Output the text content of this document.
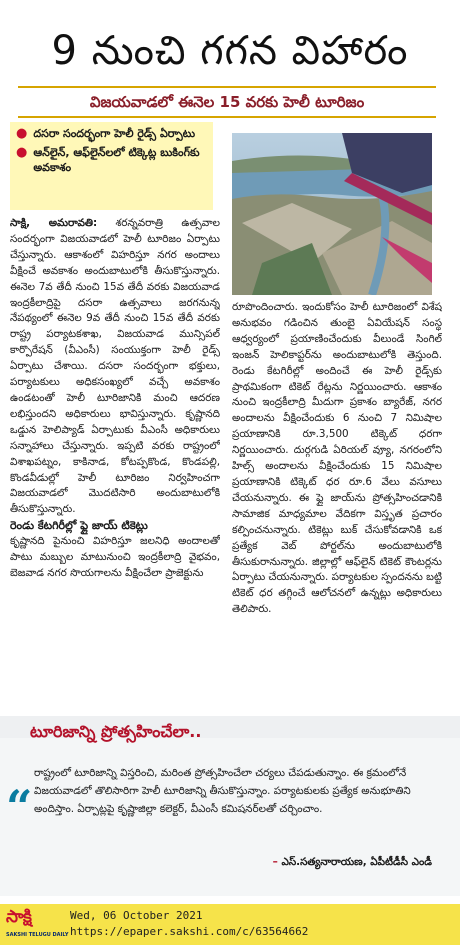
9 నుంచి గగన విహారం
విజయవాడలో ఈనెల 15 వరకు హెలీ టూరిజం
● దసరా సందర్భంగా హెలీ రైడ్స్ ఏర్పాటు
● ఆన్‌లైన్, ఆఫ్‌లైన్‌లలో టిక్కెట్ల బుకింగ్‌కు అవకాశం
సాక్షి, అమరావతి: శరన్నవరాత్రి ఉత్సవాల సందర్భంగా విజయవాడలో హెలీ టూరిజం ఏర్పాటు చేస్తున్నారు. ఆకాశంలో విహరిస్తూ నగర అందాలు వీక్షించే అవకాశం అందుబాటులోకి తీసుకొస్తున్నారు. ఈనెల 7వ తేదీ నుంచి 15వ తేదీ వరకు విజయవాడ ఇంద్రకీలాద్రిపై దసరా ఉత్సవాలు జరగనున్న నేపథ్యంలో ఈనెల 9వ తేదీ నుంచి 15వ తేదీ వరకు రాష్ట్ర పర్యాటకశాఖ, విజయవాడ మున్సిపల్ కార్పొరేషన్ (వీఎంసీ) సంయుక్తంగా హెలీ రైడ్స్ ఏర్పాటు చేశాయి. దసరా సందర్భంగా భక్తులు, పర్యాటకులు అధికసంఖ్యలో వచ్చే అవకాశం ఉండటంతో హెలీ టూరిజానికి మంచి ఆదరణ లభిస్తుందని అధికారులు భావిస్తున్నారు. కృష్ణానది ఒడ్డున హెలిప్యాడ్ ఏర్పాటుకు వీఎంసీ అధికారులు సన్నాహాలు చేస్తున్నారు. ఇప్పటి వరకు రాష్ట్రంలో విశాఖపట్నం, కాకినాడ, కోటప్పకొండ, కొండపల్లి, కొండవీడుల్లో హెలీ టూరిజం నిర్వహించగా విజయవాడలో మొదటిసారి అందుబాటులోకి తీసుకొస్తున్నారు.
రెండు కేటగిరీల్లో ఫ్లై జాయ్ టికెట్లు
కృష్ణానది పైనుంచి విహరిస్తూ జలనిధి అందాలతో పాటు మబ్బుల మాటునుంచి ఇంద్రకీలాద్రి వైభవం, బెజవాడ నగర సొయగాలను వీక్షించేలా ప్రాజెక్టును
రూపొందించారు. ఇందుకోసం హెలీ టూరిజంలో విశేష అనుభవం గడించిన తుంబై ఏవియేషన్ సంస్థ ఆధ్వర్యంలో ప్రయాణించేందుకు వీలుండే సింగిల్ ఇంజన్ హెలికాప్టర్‌ను అందుబాటులోకి తెస్తుంది. రెండు కేటగిరీల్లో అందించే ఈ హెలీ రైడ్స్‌కు ప్రాథమికంగా టికెట్ రేట్లను నిర్ణయించారు. ఆకాశం నుంచి ఇంద్రకీలాద్రి మీదుగా ప్రకాశం బ్యారేజ్, నగర అందాలను వీక్షించేందుకు 6 నుంచి 7 నిమిషాల ప్రయాణానికి రూ.3,500 టిక్కెట్ ధరగా నిర్ణయించారు. దుర్గగుడి ఏరియల్ వ్యూ, నగరంలోని హిల్స్ అందాలను వీక్షించేందుకు 15 నిమిషాల ప్రయాణానికి టిక్కెట్ ధర రూ.6 వేలు వసూలు చేయనున్నారు. ఈ ఫ్లై జాయ్‌ను ప్రోత్సహించడానికి సామాజిక మాధ్యమాల వేదికగా విస్తృత ప్రచారం కల్పించనున్నారు. టికెట్లు బుక్ చేసుకోవడానికి ఒక ప్రత్యేక వెబ్ పోర్టల్‌ను అందుబాటులోకి తీసుకురానున్నారు. జిల్లాల్లో ఆఫ్‌లైన్ టికెట్ కౌంటర్లను ఏర్పాటు చేయనున్నారు. పర్యాటకుల స్పందనను బట్టి టికెట్ ధర తగ్గించే ఆలోచనలో ఉన్నట్లు అధికారులు తెలిపారు.
టూరిజాన్ని ప్రోత్సహించేలా..
“
రాష్ట్రంలో టూరిజాన్ని విస్తరించి, మరింత ప్రోత్సహించేలా చర్యలు చేపడుతున్నాం. ఈ క్రమంలోనే విజయవాడలో తొలిసారిగా హెలీ టూరిజాన్ని తీసుకొస్తున్నాం. పర్యాటకులకు ప్రత్యేక అనుభూతిని అందిస్తాం. ఏర్పాట్లపై కృష్ణాజిల్లా కలెక్టర్, వీఎంసీ కమిషనర్‌లతో చర్చించాం.
– ఎస్.సత్యనారాయణ, ఏపీటీడీసీ ఎండీ
సాక్షి
SAKSHI TELUGU DAILY
Wed, 06 October 2021
https://epaper.sakshi.com/c/63564662
